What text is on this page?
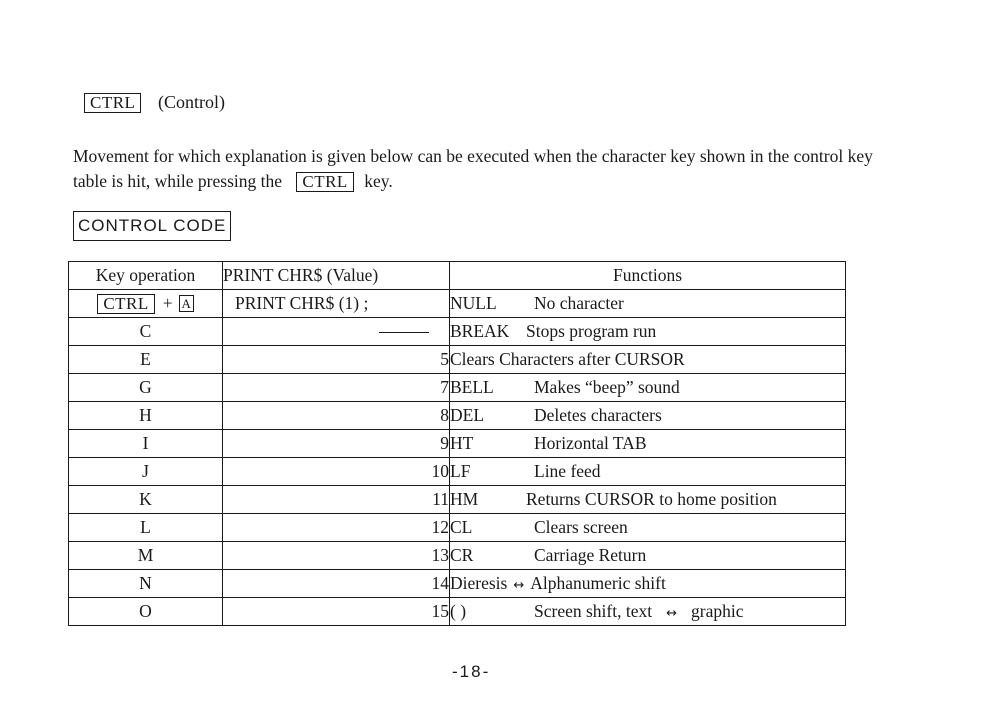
CTRL (Control)
Movement for which explanation is given below can be executed when the character key shown in the control key table is hit, while pressing the CTRL key.
CONTROL CODE
Key operation	PRINT CHR$ (Value)	Functions
CTRL + A	PRINT CHR$ (1) ;	NULL No character
C		BREAK Stops program run
E	5	Clears Characters after CURSOR
G	7	BELL Makes “beep” sound
H	8	DEL Deletes characters
I	9	HT Horizontal TAB
J	10	LF Line feed
K	11	HM Returns CURSOR to home position
L	12	CL Clears screen
M	13	CR Carriage Return
N	14	Dieresis ↔ Alphanumeric shift
O	15	( ) Screen shift, text ↔ graphic
-18-
